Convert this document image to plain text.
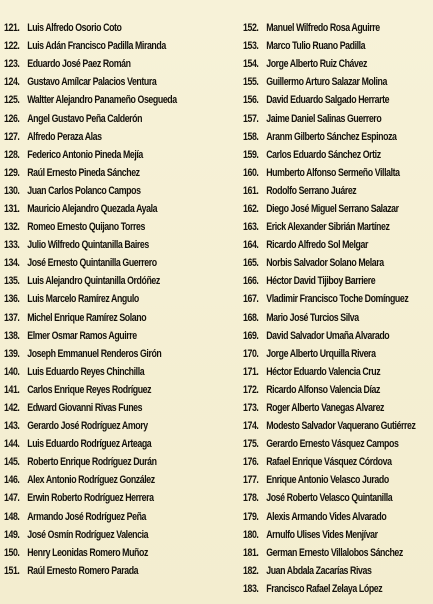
121. Luis Alfredo Osorio Coto
122. Luis Adán Francisco Padilla Miranda
123. Eduardo José Paez Román
124. Gustavo Amílcar Palacios Ventura
125. Waltter Alejandro Panameño Osegueda
126. Angel Gustavo Peña Calderón
127. Alfredo Peraza Alas
128. Federico Antonio Pineda Mejía
129. Raúl Ernesto Pineda Sánchez
130. Juan Carlos Polanco Campos
131. Mauricio Alejandro Quezada Ayala
132. Romeo Ernesto Quijano Torres
133. Julio Wilfredo Quintanilla Baires
134. José Ernesto Quintanilla Guerrero
135. Luis Alejandro Quintanilla Ordóñez
136. Luis Marcelo Ramírez Angulo
137. Michel Enrique Ramírez Solano
138. Elmer Osmar Ramos Aguirre
139. Joseph Emmanuel Renderos Girón
140. Luis Eduardo Reyes Chinchilla
141. Carlos Enrique Reyes Rodríguez
142. Edward Giovanni Rivas Funes
143. Gerardo José Rodríguez Amory
144. Luis Eduardo Rodríguez Arteaga
145. Roberto Enrique Rodríguez Durán
146. Alex Antonio Rodríguez González
147. Erwin Roberto Rodríguez Herrera
148. Armando José Rodríguez Peña
149. José Osmín Rodríguez Valencia
150. Henry Leonidas Romero Muñoz
151. Raúl Ernesto Romero Parada
152. Manuel Wilfredo Rosa Aguirre
153. Marco Tulio Ruano Padilla
154. Jorge Alberto Ruiz Chávez
155. Guillermo Arturo Salazar Molina
156. David Eduardo Salgado Herrarte
157. Jaime Daniel Salinas Guerrero
158. Aranm Gilberto Sánchez Espinoza
159. Carlos Eduardo Sánchez Ortiz
160. Humberto Alfonso Sermeño Villalta
161. Rodolfo Serrano Juárez
162. Diego José Miguel Serrano Salazar
163. Erick Alexander Sibrián Martínez
164. Ricardo Alfredo Sol Melgar
165. Norbis Salvador Solano Melara
166. Héctor David Tijiboy Barriere
167. Vladimir Francisco Toche Domínguez
168. Mario José Turcios Silva
169. David Salvador Umaña Alvarado
170. Jorge Alberto Urquilla Rivera
171. Héctor Eduardo Valencia Cruz
172. Ricardo Alfonso Valencia Díaz
173. Roger Alberto Vanegas Alvarez
174. Modesto Salvador Vaquerano Gutiérrez
175. Gerardo Ernesto Vásquez Campos
176. Rafael Enrique Vásquez Córdova
177. Enrique Antonio Velasco Jurado
178. José Roberto Velasco Quintanilla
179. Alexis Armando Vides Alvarado
180. Arnulfo Ulises Vides Menjívar
181. German Ernesto Villalobos Sánchez
182. Juan Abdala Zacarías Rivas
183. Francisco Rafael Zelaya López
